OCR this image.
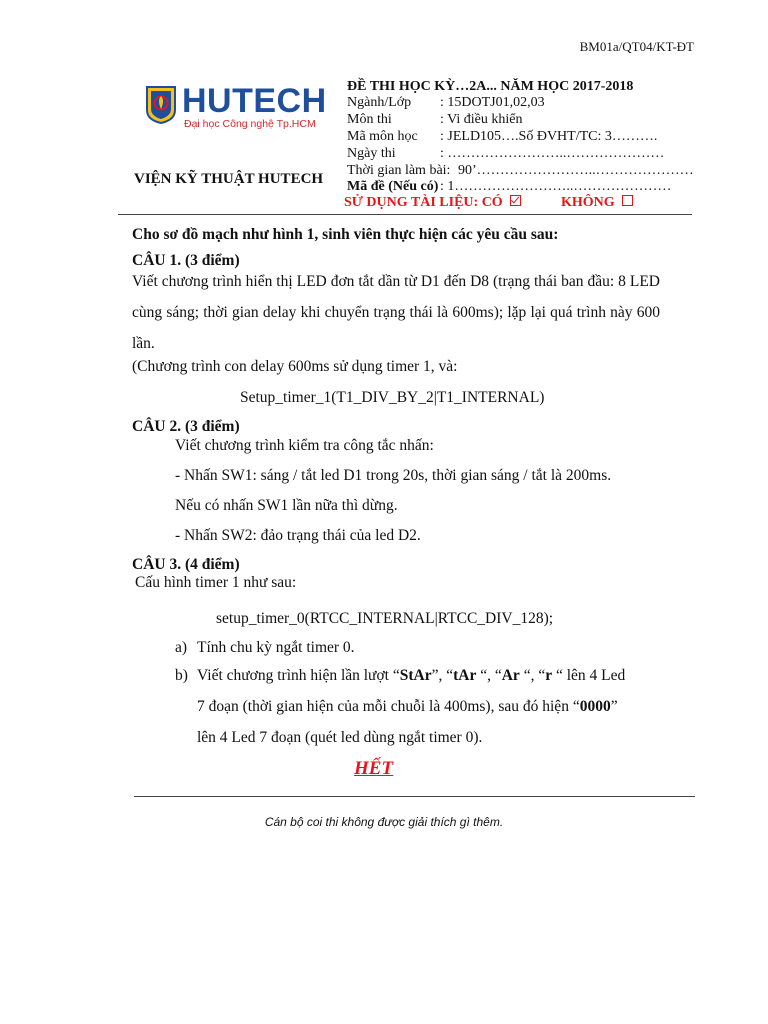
BM01a/QT04/KT-ĐT
HUTECH
Đại học Công nghệ Tp.HCM
VIỆN KỸ THUẬT HUTECH
ĐỀ THI HỌC KỲ…2A... NĂM HỌC 2017-2018
Ngành/Lớp : 15DOTJ01,02,03
Môn thi	: Vi điều khiển
Mã môn học : JELD105….Số ĐVHT/TC: 3……….
Ngày thi	: ……………………..…………………
Thời gian làm bài: 90’……………………..…………………
Mã đề (Nếu có) : 1……………………..…………………
SỬ DỤNG TÀI LIỆU: CÓ	KHÔNG
Cho sơ đồ mạch như hình 1, sinh viên thực hiện các yêu cầu sau:
CÂU 1. (3 điểm)
Viết chương trình hiển thị LED đơn tắt dần từ D1 đến D8 (trạng thái ban đầu: 8 LED cùng sáng; thời gian delay khi chuyển trạng thái là 600ms); lặp lại quá trình này 600 lần.
(Chương trình con delay 600ms sử dụng timer 1, và:
Setup_timer_1(T1_DIV_BY_2|T1_INTERNAL)
CÂU 2. (3 điểm)
Viết chương trình kiểm tra công tắc nhấn:
- Nhấn SW1: sáng / tắt led D1 trong 20s, thời gian sáng / tắt là 200ms.
Nếu có nhấn SW1 lần nữa thì dừng.
- Nhấn SW2: đảo trạng thái của led D2.
CÂU 3. (4 điểm)
Cấu hình timer 1 như sau:
setup_timer_0(RTCC_INTERNAL|RTCC_DIV_128);
a) Tính chu kỳ ngắt timer 0.
b) Viết chương trình hiện lần lượt “StAr”, “tAr “, “Ar “, “r “ lên 4 Led
7 đoạn (thời gian hiện của mỗi chuỗi là 400ms), sau đó hiện “0000”
lên 4 Led 7 đoạn (quét led dùng ngắt timer 0).
HẾT
Cán bộ coi thi không được giải thích gì thêm.
